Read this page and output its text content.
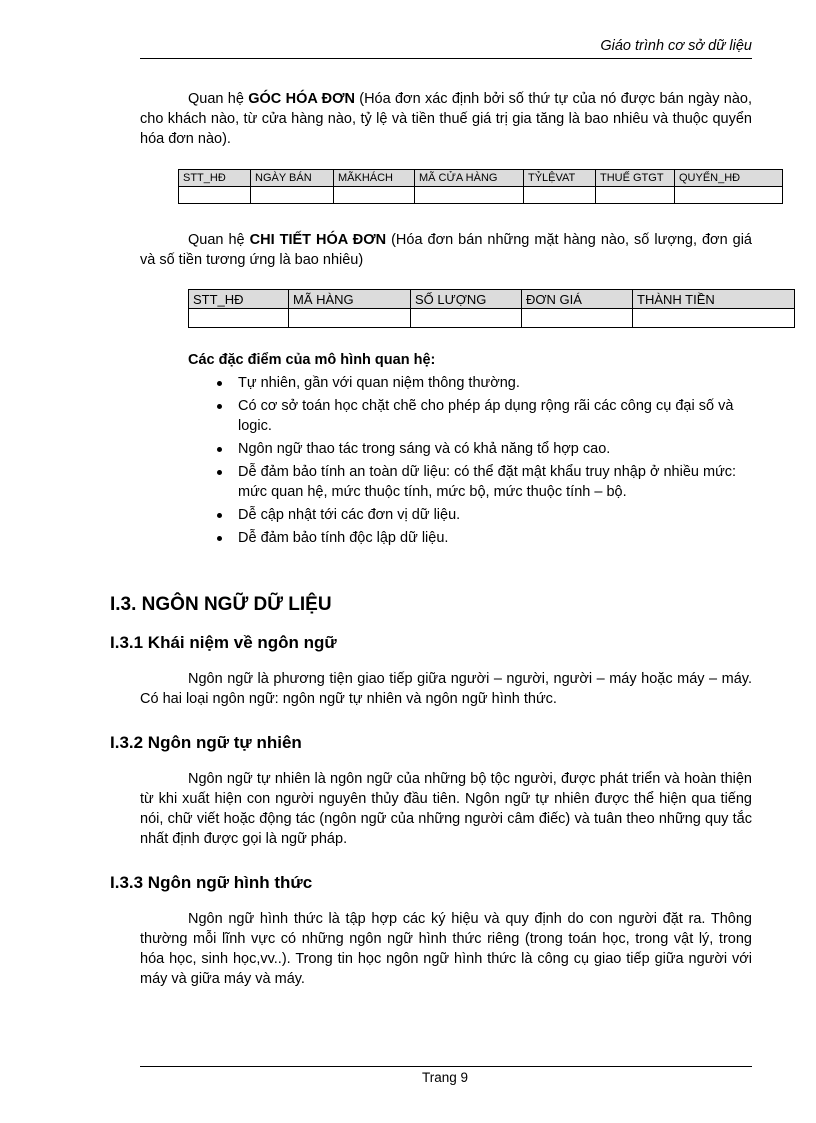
Giáo trình cơ sở dữ liệu

Quan hệ GÓC HÓA ĐƠN (Hóa đơn xác định bởi số thứ tự của nó được bán ngày nào, cho khách nào, từ cửa hàng nào, tỷ lệ và tiền thuế giá trị gia tăng là bao nhiêu và thuộc quyển hóa đơn nào).

STT_HĐ	NGÀY BÁN	MÃKHÁCH	MÃ CỬA HÀNG	TỶLỆVAT	THUẾ GTGT	QUYỂN_HĐ

Quan hệ CHI TIẾT HÓA ĐƠN (Hóa đơn bán những mặt hàng nào, số lượng, đơn giá và số tiền tương ứng là bao nhiêu)

STT_HĐ	MÃ HÀNG	SỐ LƯỢNG	ĐƠN GIÁ	THÀNH TIỀN

Các đặc điểm của mô hình quan hệ:
Tự nhiên, gần với quan niệm thông thường.
Có cơ sở toán học chặt chẽ cho phép áp dụng rộng rãi các công cụ đại số và logic.
Ngôn ngữ thao tác trong sáng và có khả năng tổ hợp cao.
Dễ đảm bảo tính an toàn dữ liệu: có thể đặt mật khẩu truy nhập ở nhiều mức: mức quan hệ, mức thuộc tính, mức bộ, mức thuộc tính – bộ.
Dễ cập nhật tới các đơn vị dữ liệu.
Dễ đảm bảo tính độc lập dữ liệu.
I.3. NGÔN NGỮ DỮ LIỆU
I.3.1 Khái niệm về ngôn ngữ

Ngôn ngữ là phương tiện giao tiếp giữa người – người, người – máy hoặc máy – máy. Có hai loại ngôn ngữ: ngôn ngữ tự nhiên và ngôn ngữ hình thức.

I.3.2 Ngôn ngữ tự nhiên

Ngôn ngữ tự nhiên là ngôn ngữ của những bộ tộc người, được phát triển và hoàn thiện từ khi xuất hiện con người nguyên thủy đầu tiên. Ngôn ngữ tự nhiên được thể hiện qua tiếng nói, chữ viết hoặc động tác (ngôn ngữ của những người câm điếc) và tuân theo những quy tắc nhất định được gọi là ngữ pháp.

I.3.3 Ngôn ngữ hình thức

Ngôn ngữ hình thức là tập hợp các ký hiệu và quy định do con người đặt ra. Thông thường mỗi lĩnh vực có những ngôn ngữ hình thức riêng (trong toán học, trong vật lý, trong hóa học, sinh học,vv..). Trong tin học ngôn ngữ hình thức là công cụ giao tiếp giữa người với máy và giữa máy và máy.

Trang 9
